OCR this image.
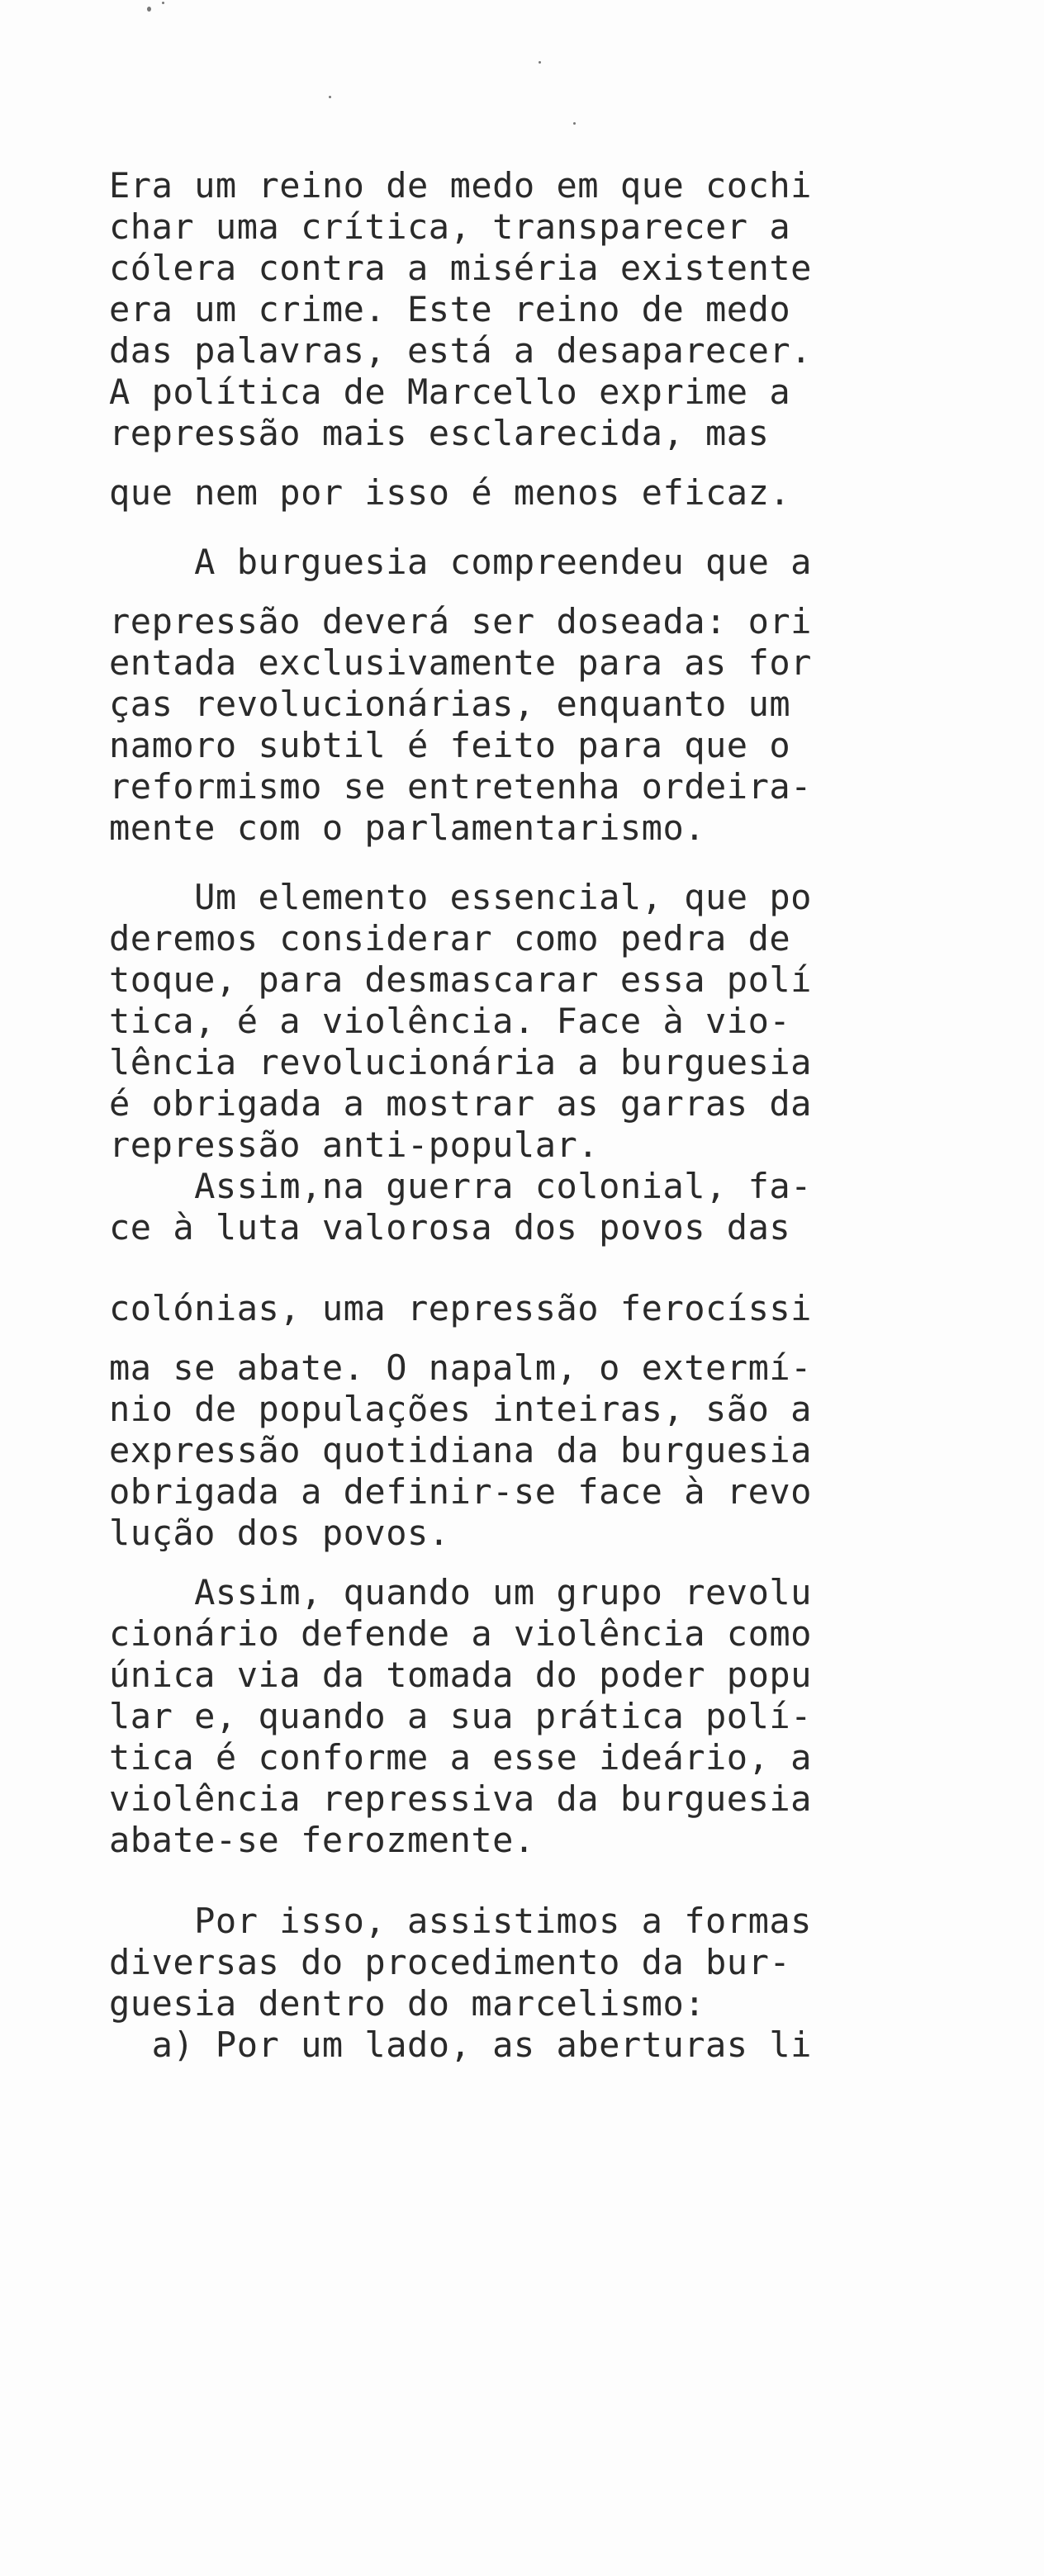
Era um reino de medo em que cochi
char uma crítica, transparecer a
cólera contra a miséria existente
era um crime. Este reino de medo
das palavras, está a desaparecer.
A política de Marcello exprime a
repressão mais esclarecida, mas
que nem por isso é menos eficaz.
A burguesia compreendeu que a
repressão deverá ser doseada: ori
entada exclusivamente para as for
ças revolucionárias, enquanto um
namoro subtil é feito para que o
reformismo se entretenha ordeira-
mente com o parlamentarismo.
Um elemento essencial, que po
deremos considerar como pedra de
toque, para desmascarar essa polí
tica, é a violência. Face à vio-
lência revolucionária a burguesia
é obrigada a mostrar as garras da
repressão anti-popular.
Assim,na guerra colonial, fa-
ce à luta valorosa dos povos das
colónias, uma repressão ferocíssi
ma se abate. O napalm, o extermí-
nio de populações inteiras, são a
expressão quotidiana da burguesia
obrigada a definir-se face à revo
lução dos povos.
Assim, quando um grupo revolu
cionário defende a violência como
única via da tomada do poder popu
lar e, quando a sua prática polí-
tica é conforme a esse ideário, a
violência repressiva da burguesia
abate-se ferozmente.
Por isso, assistimos a formas
diversas do procedimento da bur-
guesia dentro do marcelismo:
a) Por um lado, as aberturas li
